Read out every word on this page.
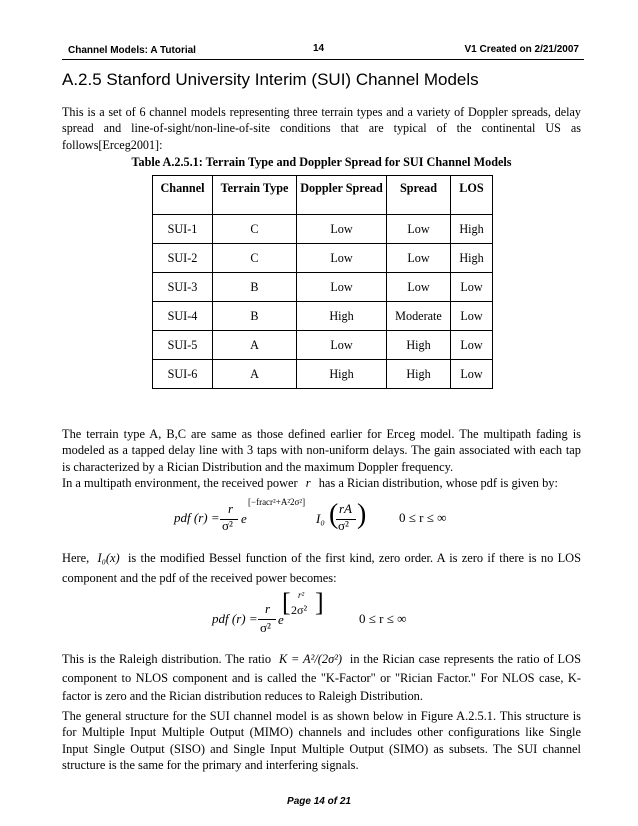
Channel Models: A Tutorial	14	V1 Created on 2/21/2007
A.2.5 Stanford University Interim (SUI) Channel Models
This is a set of 6 channel models representing three terrain types and a variety of Doppler spreads, delay spread and line-of-sight/non-line-of-site conditions that are typical of the continental US as follows[Erceg2001]:
Table A.2.5.1: Terrain Type and Doppler Spread for SUI Channel Models
Channel	Terrain Type	Doppler Spread	Spread	LOS
SUI-1	C	Low	Low	High
SUI-2	C	Low	Low	High
SUI-3	B	Low	Low	Low
SUI-4	B	High	Moderate	Low
SUI-5	A	Low	High	Low
SUI-6	A	High	High	Low
The terrain type A, B,C are same as those defined earlier for Erceg model. The multipath fading is modeled as a tapped delay line with 3 taps with non-uniform delays. The gain associated with each tap is characterized by a Rician Distribution and the maximum Doppler frequency.
In a multipath environment, the received power r has a Rician distribution, whose pdf is given by:
pdf (r) =
r
σ² e
[−fracr²+A²2σ²]
I₀ ( rA
σ² )	0 ≤ r ≤ ∞
Here, I₀(x) is the modified Bessel function of the first kind, zero order. A is zero if there is no LOS component and the pdf of the received power becomes:
pdf (r) =
r
σ²
e
[ r²
2σ² ]
0 ≤ r ≤ ∞
This is the Raleigh distribution. The ratio K = A²/(2σ²) in the Rician case represents the ratio of LOS component to NLOS component and is called the "K-Factor" or "Rician Factor." For NLOS case, K-factor is zero and the Rician distribution reduces to Raleigh Distribution.
The general structure for the SUI channel model is as shown below in Figure A.2.5.1. This structure is for Multiple Input Multiple Output (MIMO) channels and includes other configurations like Single Input Single Output (SISO) and Single Input Multiple Output (SIMO) as subsets. The SUI channel structure is the same for the primary and interfering signals.
Page 14 of 21
